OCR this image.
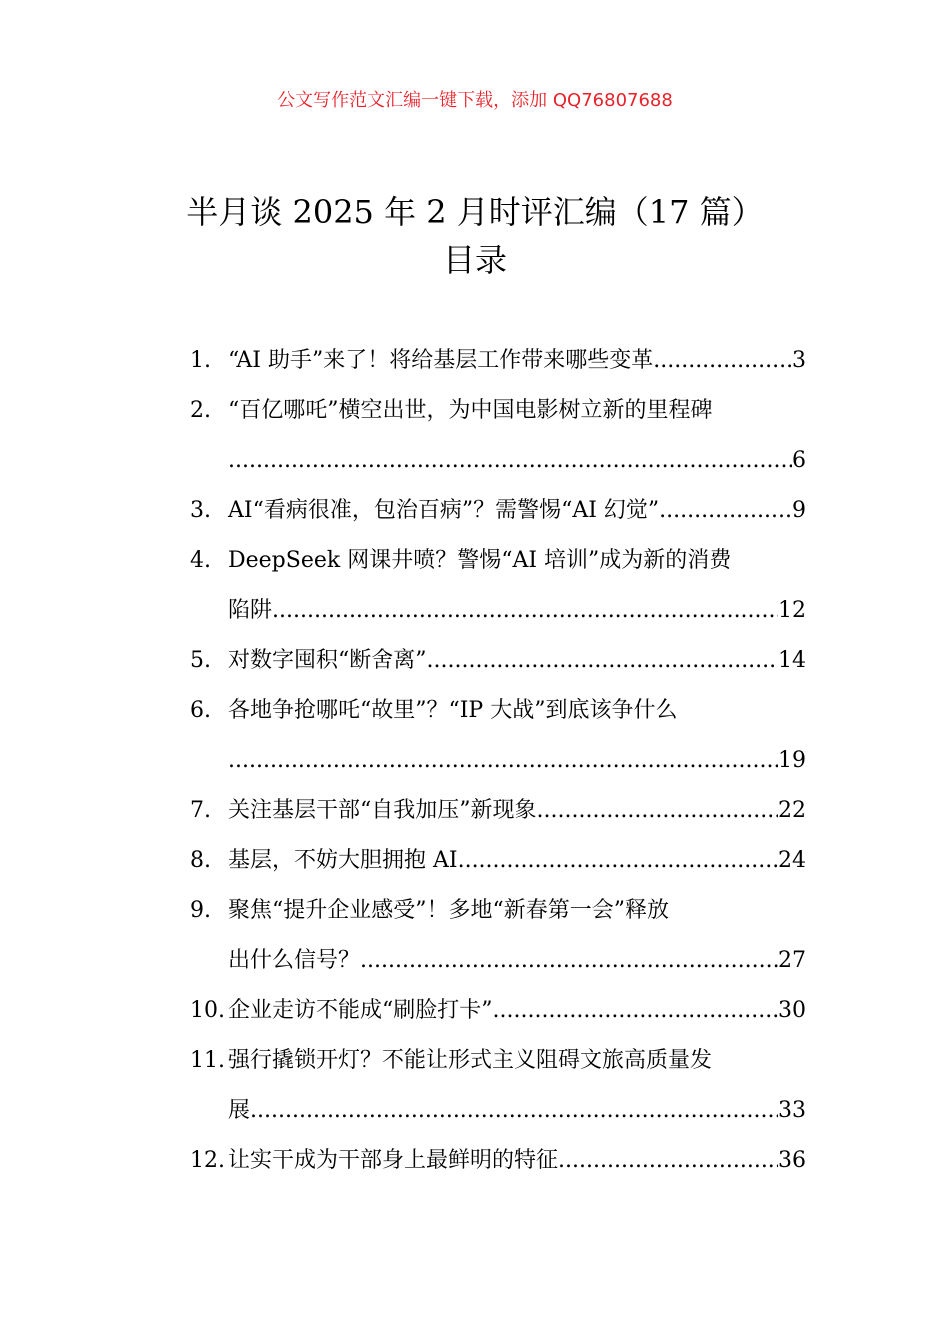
公文写作范文汇编一键下载，添加 QQ76807688
半月谈 2025 年 2 月时评汇编（17 篇）
目录
1. “AI 助手”来了！将给基层工作带来哪些变革 .....	3
2. “百亿哪吒”横空出世，为中国电影树立新的里程碑
.....
6
3. AI“看病很准，包治百病”？需警惕“AI 幻觉” .....	9
4. DeepSeek 网课井喷？警惕“AI 培训”成为新的消费
陷阱 .....	12
5. 对数字囤积“断舍离” .....	14
6. 各地争抢哪吒“故里”？“IP 大战”到底该争什么
.....
19
7. 关注基层干部“自我加压”新现象 .....	22
8. 基层，不妨大胆拥抱 AI .....	24
9. 聚焦“提升企业感受”！多地“新春第一会”释放
出什么信号？ .....	27
10. 企业走访不能成“刷脸打卡” .....	30
11. 强行撬锁开灯？不能让形式主义阻碍文旅高质量发
展 .....	33
12. 让实干成为干部身上最鲜明的特征 .....	36
